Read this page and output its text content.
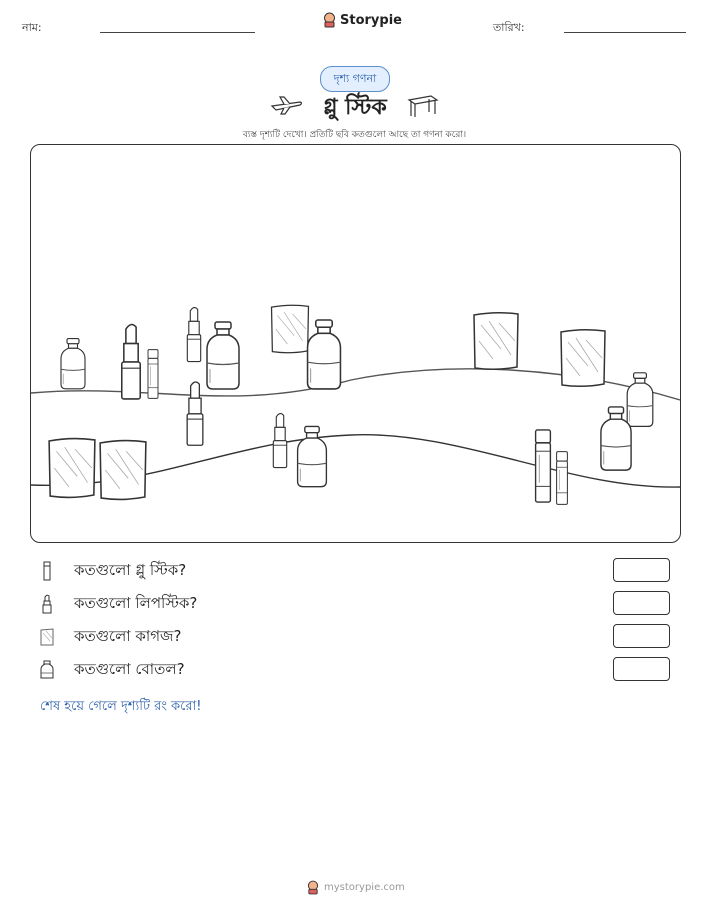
নাম:	Storypie	তারিখ:
দৃশ্য গণনা
গ্লু স্টিক
ব্যস্ত দৃশ্যটি দেখো। প্রতিটি ছবি কতগুলো আছে তা গণনা করো।
কতগুলো গ্লু স্টিক?
কতগুলো লিপস্টিক?
কতগুলো কাগজ?
কতগুলো বোতল?
শেষ হয়ে গেলে দৃশ্যটি রং করো!
mystorypie.com
